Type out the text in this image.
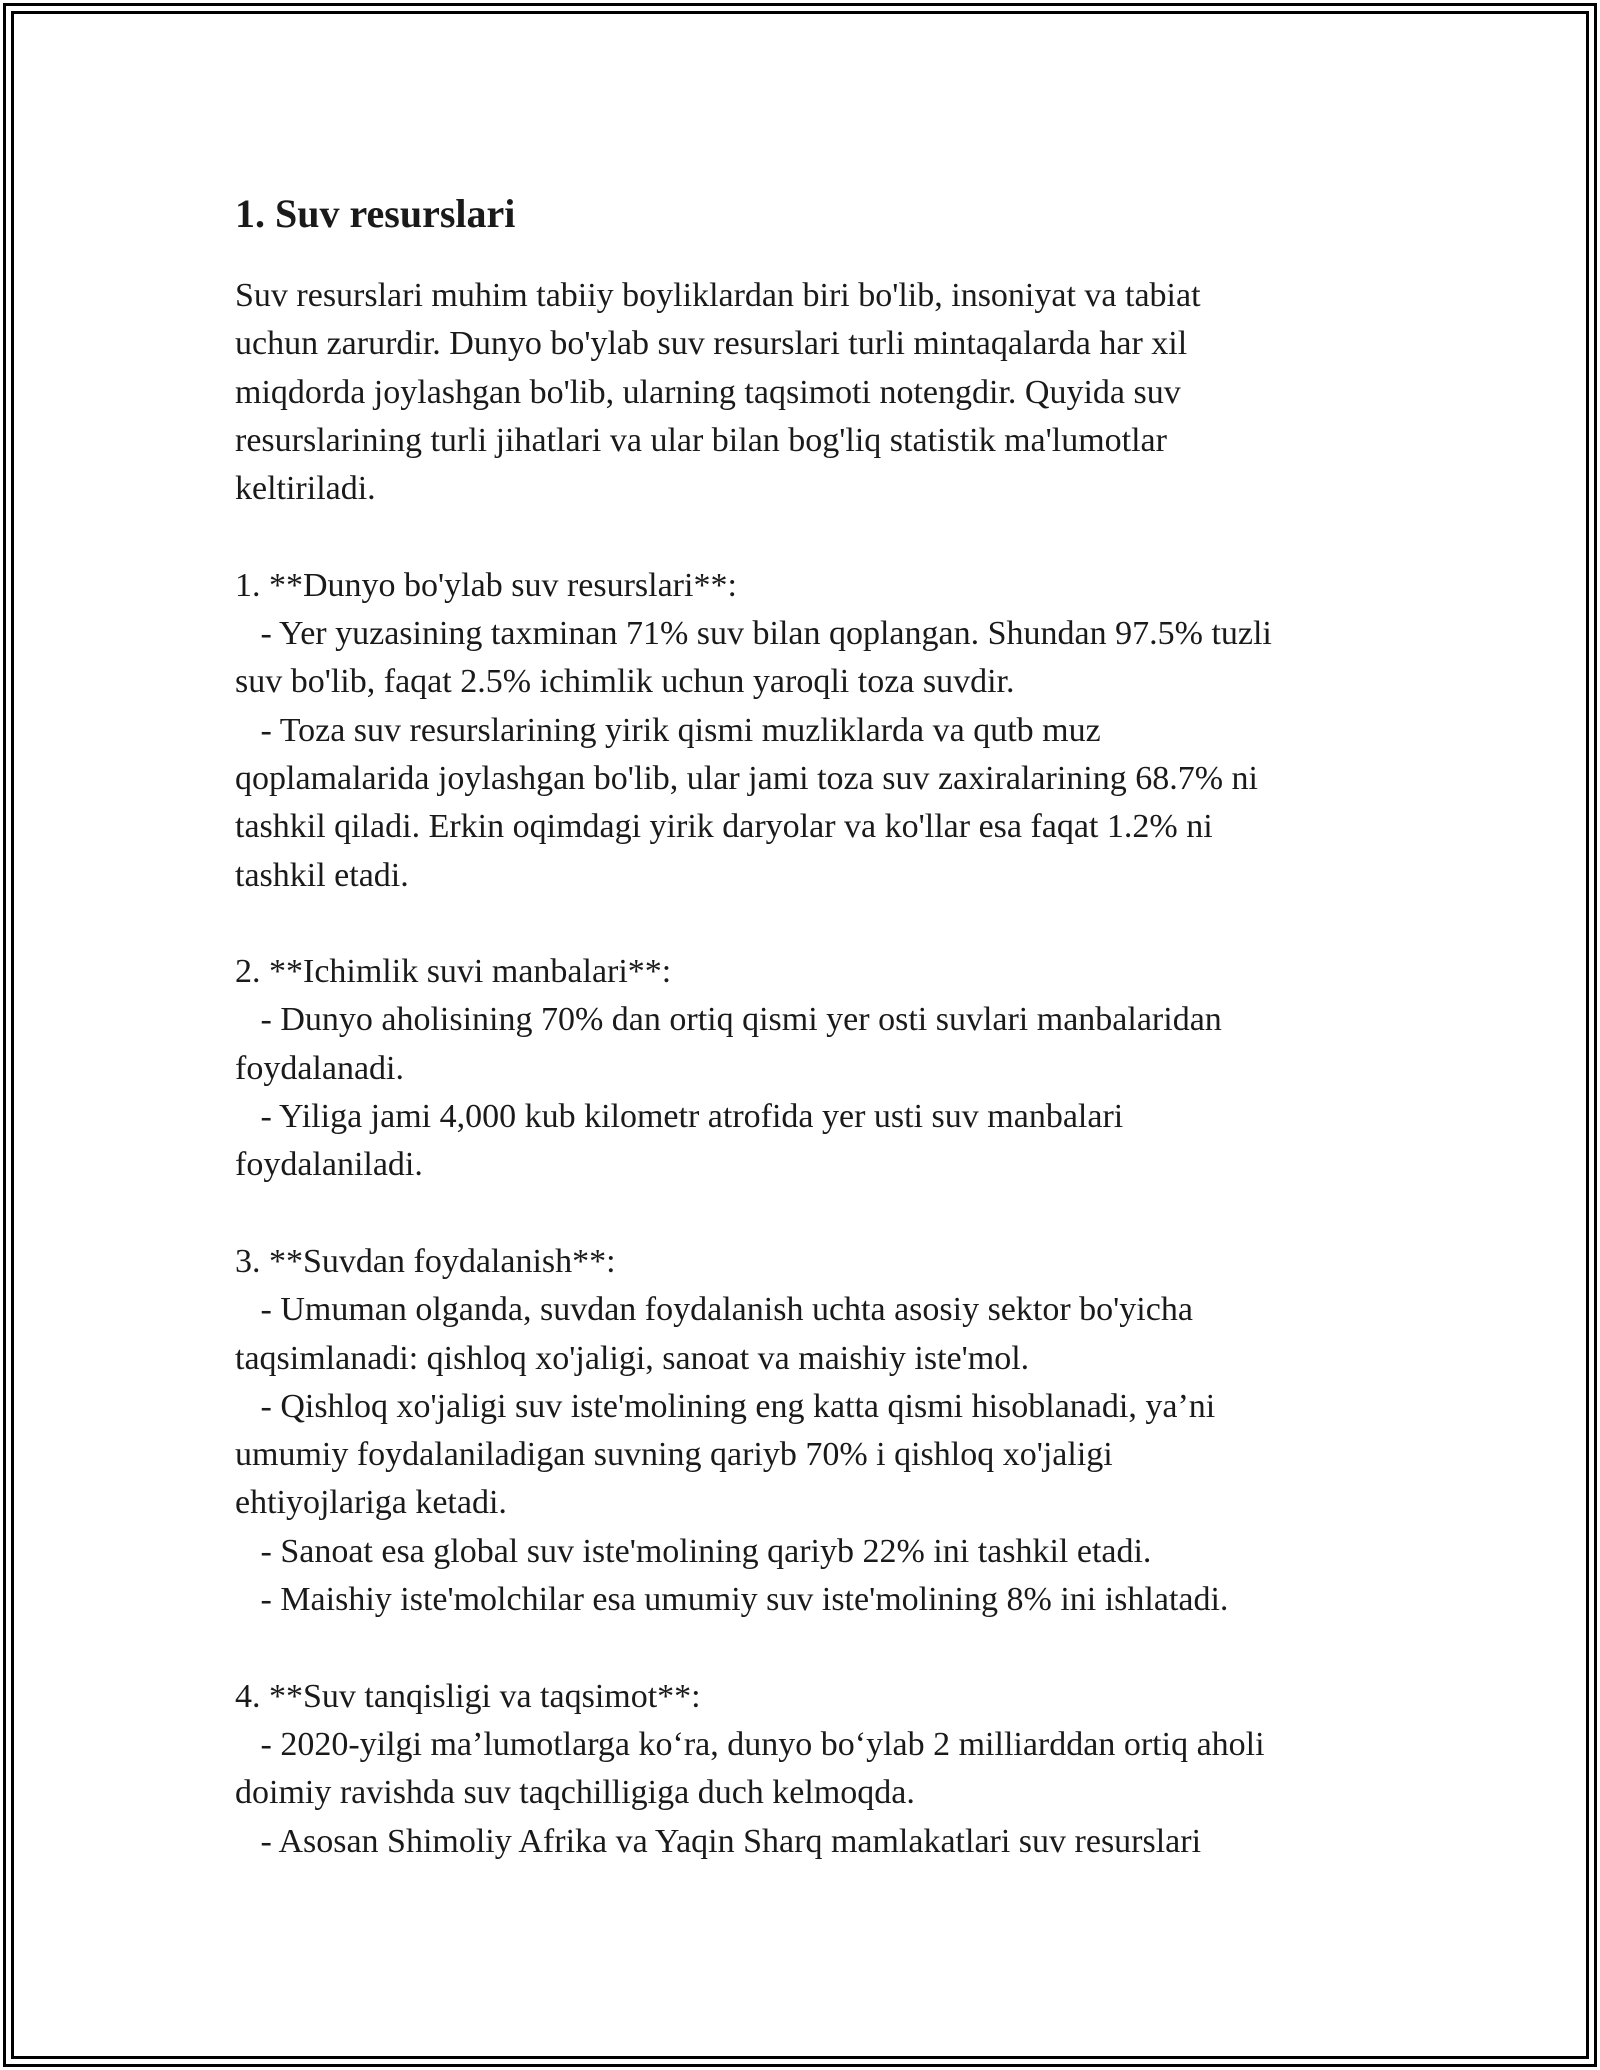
1. Suv resurslari

Suv resurslari muhim tabiiy boyliklardan biri bo'lib, insoniyat va tabiat

uchun zarurdir. Dunyo bo'ylab suv resurslari turli mintaqalarda har xil

miqdorda joylashgan bo'lib, ularning taqsimoti notengdir. Quyida suv

resurslarining turli jihatlari va ular bilan bog'liq statistik ma'lumotlar

keltiriladi.

1. **Dunyo bo'ylab suv resurslari**:

- Yer yuzasining taxminan 71% suv bilan qoplangan. Shundan 97.5% tuzli

suv bo'lib, faqat 2.5% ichimlik uchun yaroqli toza suvdir.

- Toza suv resurslarining yirik qismi muzliklarda va qutb muz

qoplamalarida joylashgan bo'lib, ular jami toza suv zaxiralarining 68.7% ni

tashkil qiladi. Erkin oqimdagi yirik daryolar va ko'llar esa faqat 1.2% ni

tashkil etadi.

2. **Ichimlik suvi manbalari**:

- Dunyo aholisining 70% dan ortiq qismi yer osti suvlari manbalaridan

foydalanadi.

- Yiliga jami 4,000 kub kilometr atrofida yer usti suv manbalari

foydalaniladi.

3. **Suvdan foydalanish**:

- Umuman olganda, suvdan foydalanish uchta asosiy sektor bo'yicha

taqsimlanadi: qishloq xo'jaligi, sanoat va maishiy iste'mol.

- Qishloq xo'jaligi suv iste'molining eng katta qismi hisoblanadi, ya’ni

umumiy foydalaniladigan suvning qariyb 70% i qishloq xo'jaligi

ehtiyojlariga ketadi.

- Sanoat esa global suv iste'molining qariyb 22% ini tashkil etadi.

- Maishiy iste'molchilar esa umumiy suv iste'molining 8% ini ishlatadi.

4. **Suv tanqisligi va taqsimot**:

- 2020-yilgi ma’lumotlarga ko‘ra, dunyo bo‘ylab 2 milliarddan ortiq aholi

doimiy ravishda suv taqchilligiga duch kelmoqda.

- Asosan Shimoliy Afrika va Yaqin Sharq mamlakatlari suv resurslari
